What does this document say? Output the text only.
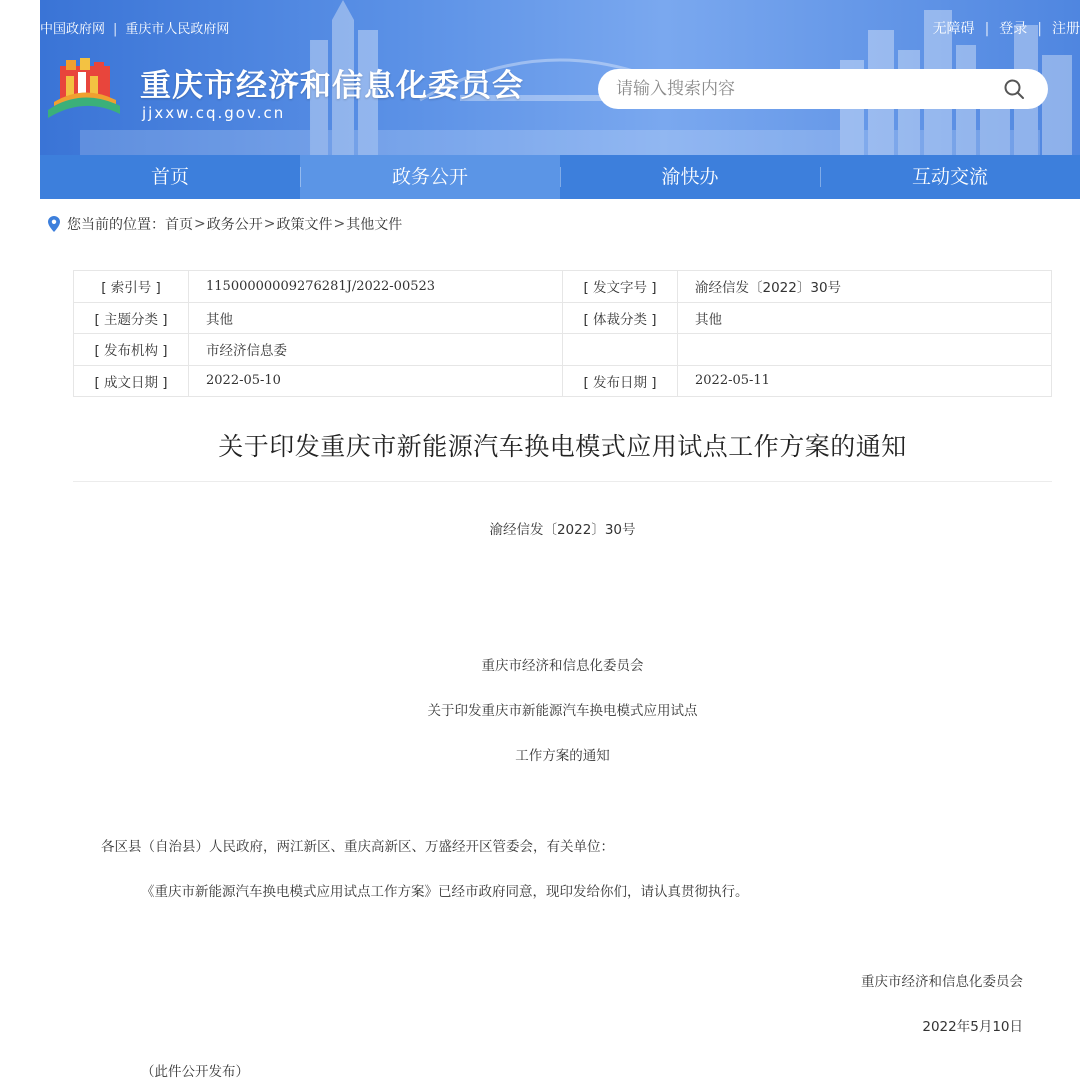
中国政府网 | 重庆市人民政府网	无障碍 | 登录 | 注册
重庆市经济和信息化委员会
jjxxw.cq.gov.cn
请输入搜索内容
首页	政务公开	渝快办	互动交流
您当前的位置： 首页 > 政务公开 > 政策文件 > 其他文件
[ 索引号 ]	11500000009276281J/2022-00523	[ 发文字号 ]	渝经信发〔2022〕30号
[ 主题分类 ]	其他	[ 体裁分类 ]	其他
[ 发布机构 ]	市经济信息委		
[ 成文日期 ]	2022-05-10	[ 发布日期 ]	2022-05-11
关于印发重庆市新能源汽车换电模式应用试点工作方案的通知
渝经信发〔2022〕30号
重庆市经济和信息化委员会
关于印发重庆市新能源汽车换电模式应用试点
工作方案的通知
各区县（自治县）人民政府，两江新区、重庆高新区、万盛经开区管委会，有关单位：
《重庆市新能源汽车换电模式应用试点工作方案》已经市政府同意，现印发给你们，请认真贯彻执行。
重庆市经济和信息化委员会
2022年5月10日
（此件公开发布）
